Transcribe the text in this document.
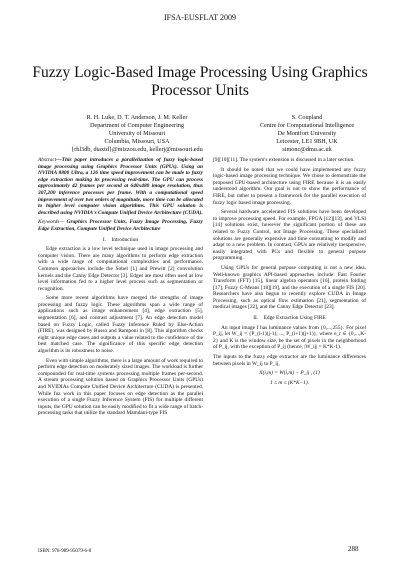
IFSA-EUSFLAT 2009
Fuzzy Logic-Based Image Processing Using Graphics Processor Units
R. H. Luke, D. T. Anderson, J. M. Keller
Department of Computer Engineering
University of Missouri
Columbia, Missouri, USA
{rhl3db, dtaxtd}@mizzou.edu, kellerj@missouri.edu
S. Coupland
Centre for Computational Intelligence
De Montfort University
Leicester, LE1 9BH, UK
simonc@dmu.ac.uk

Abstract—This paper introduces a parallelization of fuzzy logic-based image processing using Graphics Processor Units (GPUs). Using an NVIDIA 8800 Ultra, a 126 time speed improvement can be made to fuzzy edge extraction making its processing real-time. The GPU can process approximately 42 frames per second at 640x480 image resolution, thus 307,200 inference processes per frame. With a computational speed improvement of over two orders of magnitude, more time can be allocated to higher level computer vision algorithms. This GPU solution is described using NVIDIA's Compute Unified Device Architecture (CUDA).

Keywords— Graphics Processor Units, Fuzzy Image Processing, Fuzzy Edge Extraction, Compute Unified Device Architecture

I.    Introduction

Edge extraction is a low level technique used in image processing and computer vision. There are many algorithms to perform edge extraction with a wide range of computational complexities and performance. Common approaches include the Sobel [1] and Prewitt [2] convolution kernels and the Canny Edge Detector [3]. Edges are most often used as low level information fed to a higher level process such as segmentation or recognition.

Some more recent algorithms have merged the strengths of image processing and fuzzy logic. These algorithms span a wide range of applications such as image enhancement [4], edge extraction [5], segmentation [6], and contrast adjustment [7]. An edge detection model based on Fuzzy Logic, called Fuzzy Inference Ruled by Else-Action (FIRE), was designed by Russo and Ramponi in [8]. This algorithm checks eight unique edge cases and outputs a value related to the confidence of the best matched case. The significance of this specific edge detection algorithm is its robustness to noise.

Even with simple algorithms, there is a large amount of work required to perform edge detection on moderately sized images. The workload is further compounded for real-time systems processing multiple frames per-second. A stream processing solution based on Graphics Processor Units (GPUs) and NVIDIAs Compute Unified Device Architecture (CUDA) is presented. While fuz work in this paper focuses on edge detection as the parallel execution of a single Fuzzy Inference System (FIS) for multiple different inputs, the GPU solution can be easily modified to fit a wide range of batch-processing tasks that utilize the standard Mamdani-type FIS

[9][10][11]. The system's extension is discussed in a later section.

It should be noted that we could have implemented any fuzzy logic-based image processing technique. We chose to demonstrate the proposed GPU-based architecture using FIRE because it is an easily understood algorithm. Our goal is not to show the performance of FIRE, but rather to present a framework for the parallel execution of fuzzy logic based image processing.

Several hardware accelerated FIS solutions have been developed to improve processing speed. For example, FPGA [12][13], and VLSI [14] solutions exist, however the significant portion of these are related to Fuzzy Control, not Image Processing. These specialized solutions are generally expensive and time consuming to modify and adapt to a new problem. In contrast, GPUs are relatively inexpensive, easily integrated with PCs and flexible to general purpose programming.

Using GPUs for general purpose computing is not a new idea. Well-known graphics API-based approaches include: Fast Fourier Transform (FFT) [15], linear algebra operators [16], protein folding [17], Fuzzy C-Means [18][19], and the execution of a single FIS [20]. Researchers have also begun to recently explore CUDA in Image Processing, such as optical flow estimation [21], segmentation of medical images [22], and the Canny Edge Detector [23].

II.    Edge Extraction Using FIRE

An input image I has luminance values from {0,...,255}. For pixel P_ij, let W_ij = {P_(i-1)(j-1), ..., P_(i+1)(j+1)}, where e_r ∈ {0,...,K-2} and K is the window size, be the set of pixels in the neighborhood of P_ij, with the exception of P_ij (hence, |W_ij| = K*K-1).

The inputs to the fuzzy edge extractor are the luminance differences between pixels in W_ij to P_ij,

X(i,m) = W(i,m) − P_ij , (1)
1 ≤ m ≤ (K*K−1).
ISBN: 978-989-95079-6-8	288
